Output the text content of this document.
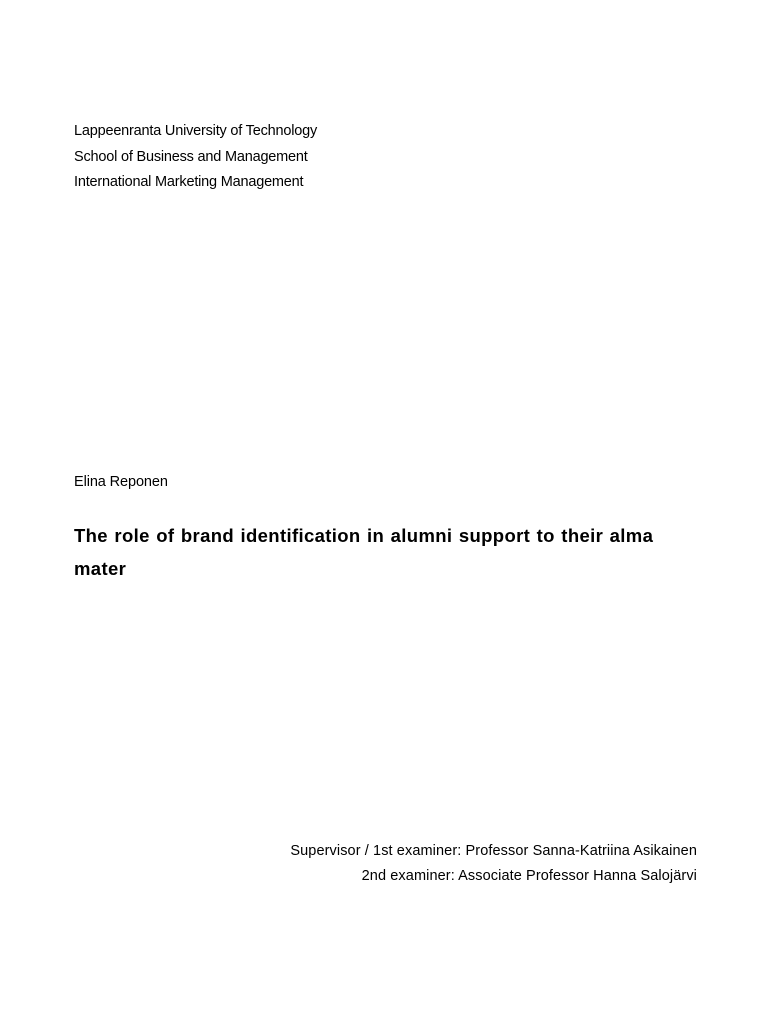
Lappeenranta University of Technology
School of Business and Management
International Marketing Management
Elina Reponen
The role of brand identification in alumni support to their alma mater
Supervisor / 1st examiner: Professor Sanna-Katriina Asikainen
2nd examiner: Associate Professor Hanna Salojärvi
